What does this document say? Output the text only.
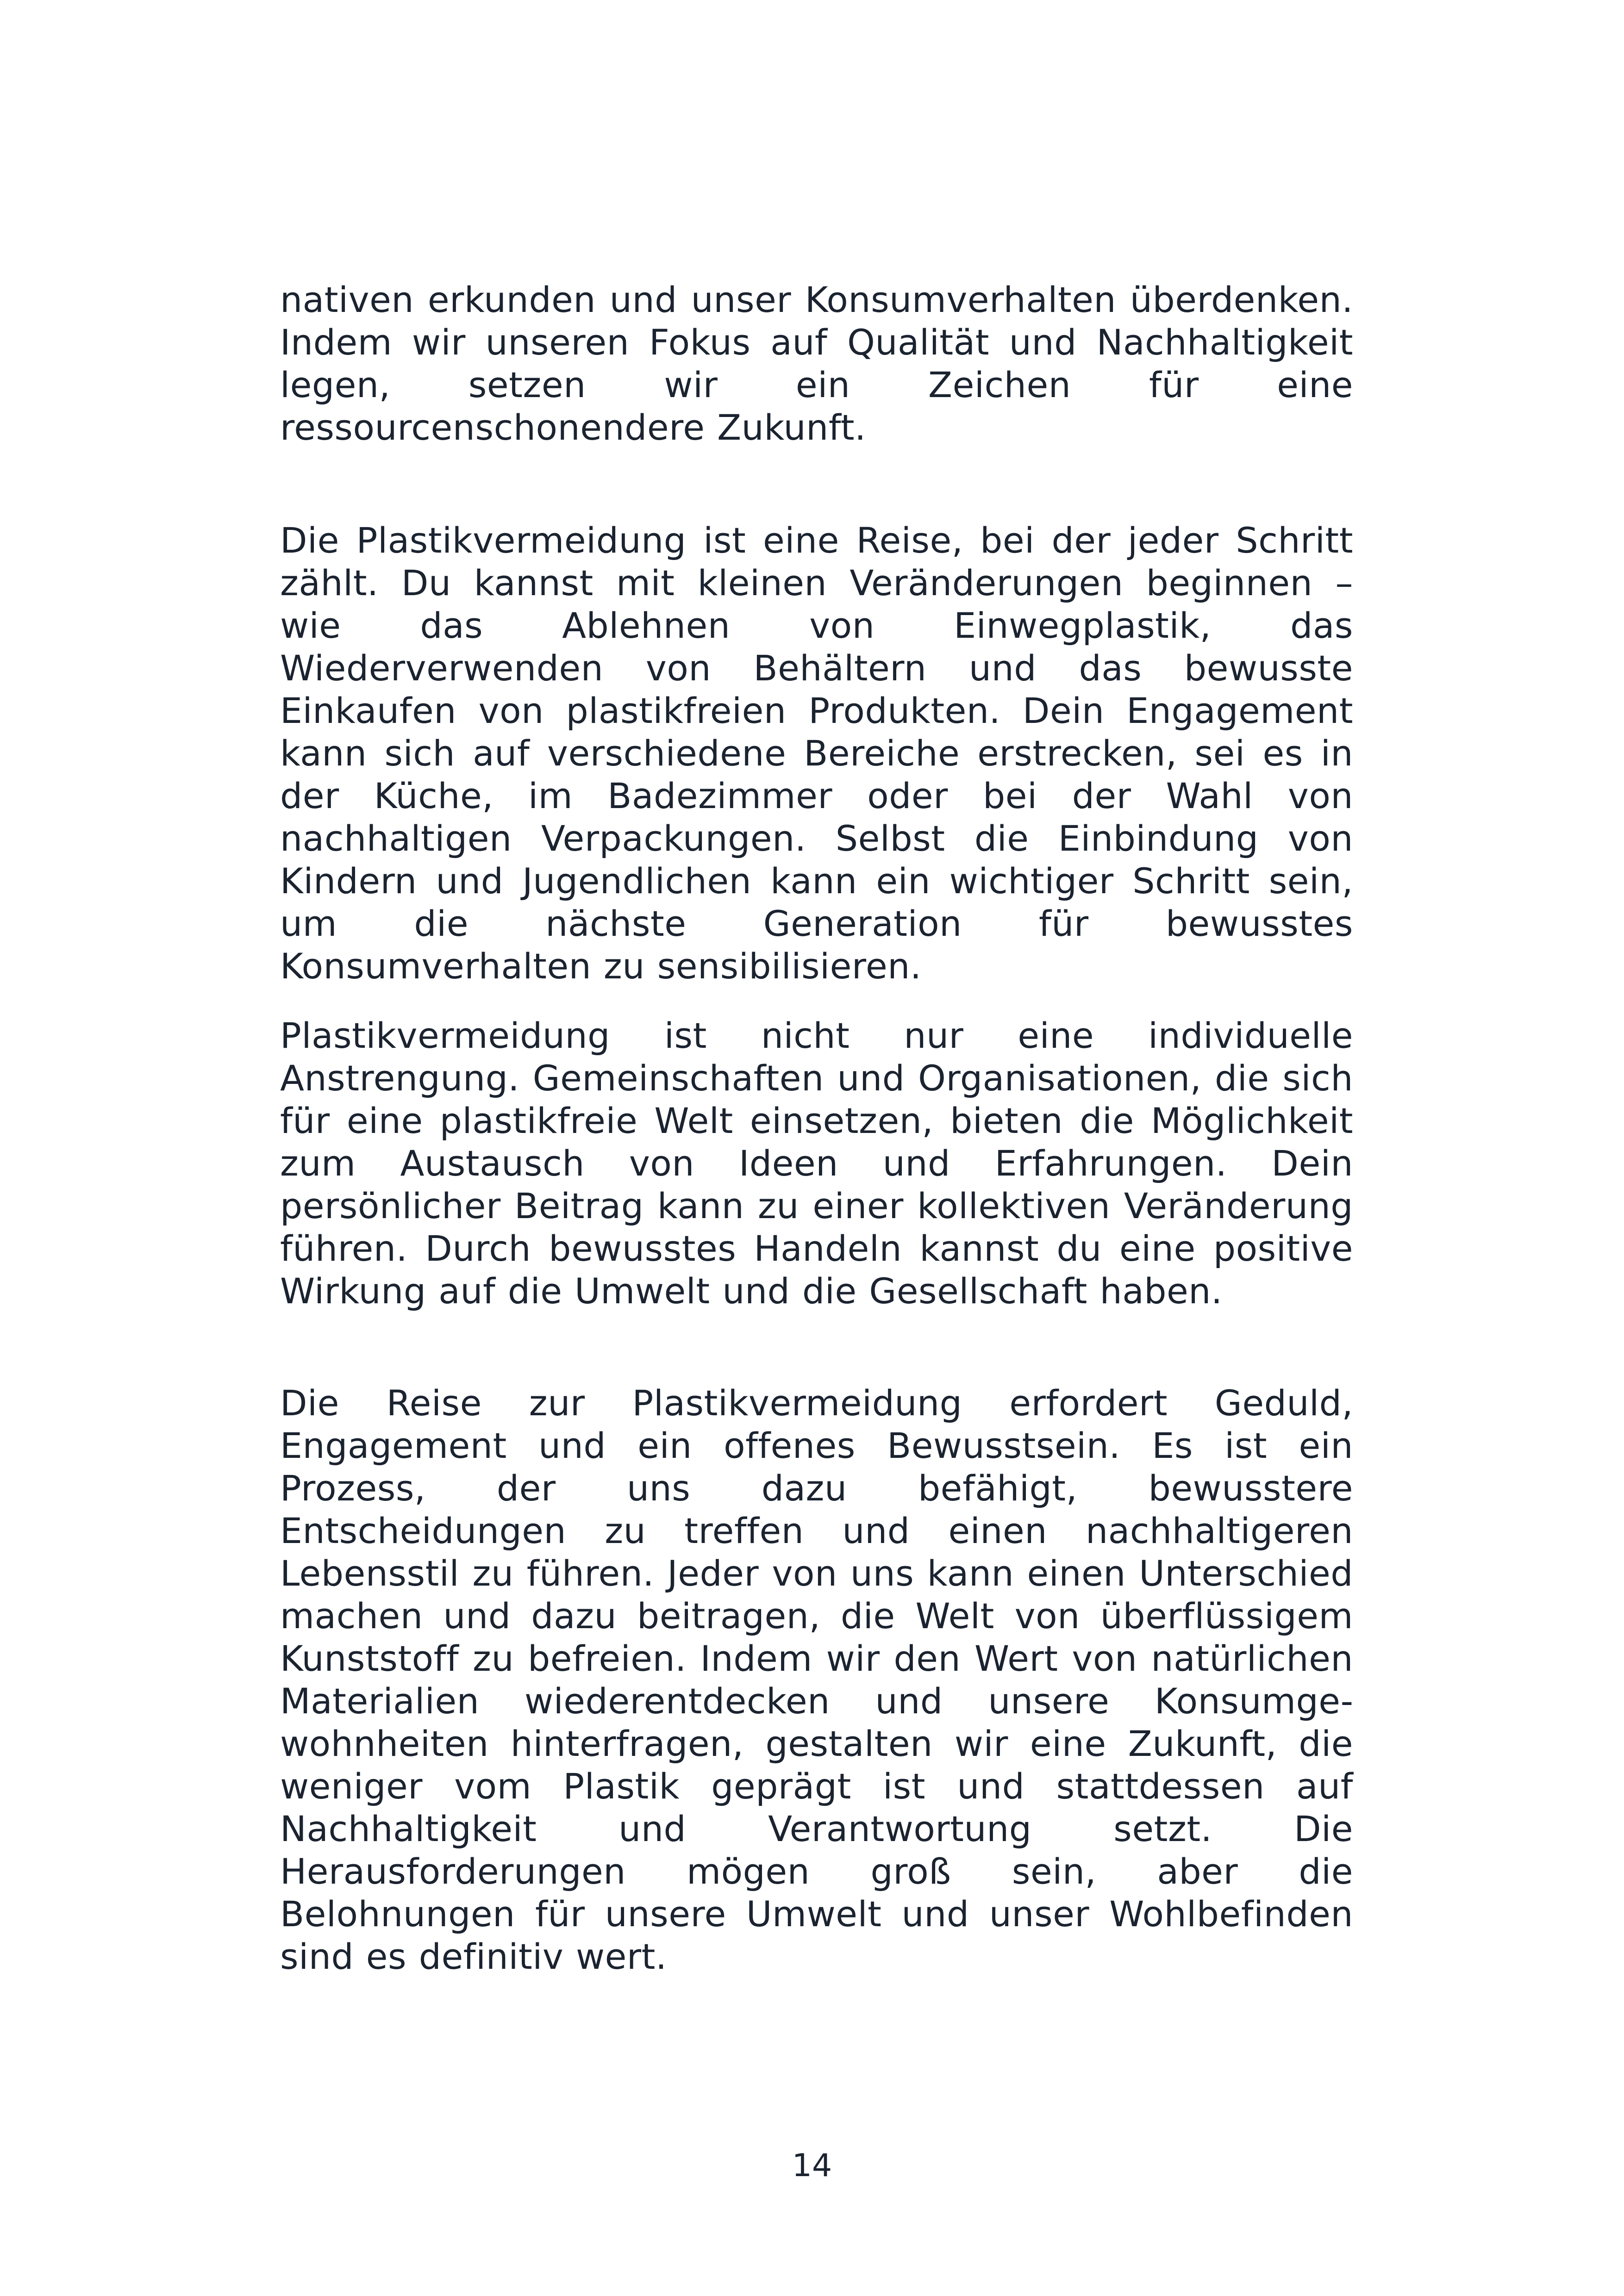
nativen erkunden und unser Konsumverhalten überdenken. Indem wir unseren Fokus auf Qualität und Nachhaltigkeit legen, setzen wir ein Zeichen für eine ressourcenschonendere Zukunft.

Die Plastikvermeidung ist eine Reise, bei der jeder Schritt zählt. Du kannst mit kleinen Veränderungen beginnen – wie das Ablehnen von Einwegplastik, das Wiederverwenden von Behältern und das bewusste Einkaufen von plastikfreien Produkten. Dein Engagement kann sich auf verschiedene Bereiche erstrecken, sei es in der Küche, im Badezimmer oder bei der Wahl von nachhaltigen Verpackungen. Selbst die Einbindung von Kindern und Jugendlichen kann ein wichtiger Schritt sein, um die nächste Generation für bewusstes Konsumverhalten zu sensibilisieren.

Plastikvermeidung ist nicht nur eine individuelle Anstrengung. Gemeinschaften und Organisationen, die sich für eine plastikfreie Welt einsetzen, bieten die Möglichkeit zum Austausch von Ideen und Erfahrungen. Dein persönlicher Beitrag kann zu einer kollektiven Veränderung führen. Durch bewusstes Handeln kannst du eine positive Wirkung auf die Umwelt und die Gesellschaft haben.

Die Reise zur Plastikvermeidung erfordert Geduld, Engagement und ein offenes Bewusstsein. Es ist ein Prozess, der uns dazu befähigt, bewusstere Entscheidungen zu treffen und einen nachhaltigeren Lebensstil zu führen. Jeder von uns kann einen Unterschied machen und dazu beitragen, die Welt von überflüssigem Kunststoff zu befreien. Indem wir den Wert von natürlichen Materialien wiederentdecken und unsere Konsumgewohnheiten hinterfragen, gestalten wir eine Zukunft, die weniger vom Plastik geprägt ist und stattdessen auf Nachhaltigkeit und Verantwortung setzt. Die Herausforderungen mögen groß sein, aber die Belohnungen für unsere Umwelt und unser Wohlbefinden sind es definitiv wert.

14
